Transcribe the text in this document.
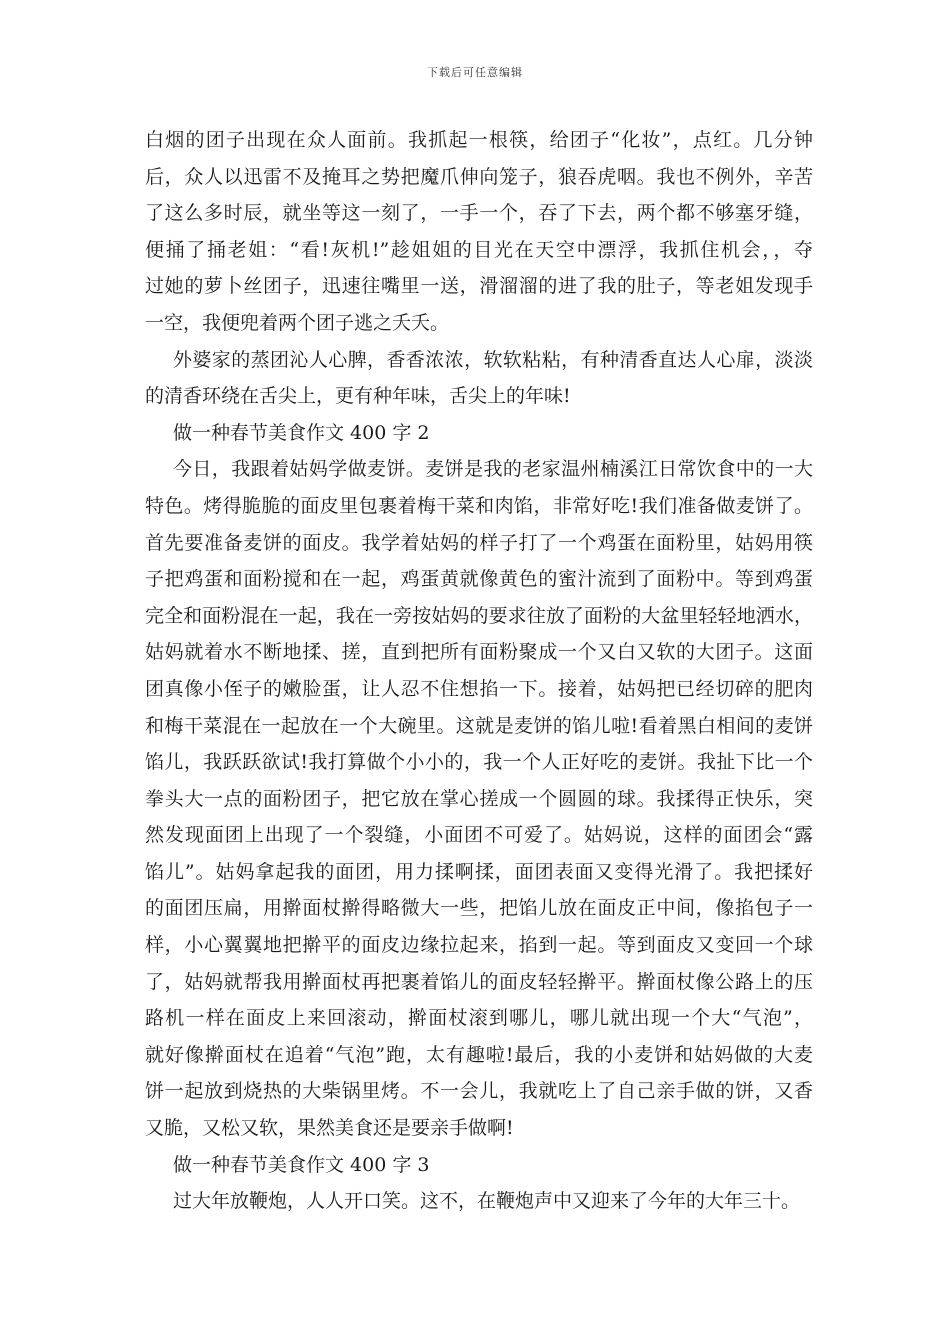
下载后可任意编辑
白烟的团子出现在众人面前。我抓起一根筷，给团子“化妆”，点红。几分钟
后，众人以迅雷不及掩耳之势把魔爪伸向笼子，狼吞虎咽。我也不例外，辛苦
了这么多时辰，就坐等这一刻了，一手一个，吞了下去，两个都不够塞牙缝，
便捅了捅老姐：“看!灰机!”趁姐姐的目光在天空中漂浮，我抓住机会，，夺
过她的萝卜丝团子，迅速往嘴里一送，滑溜溜的进了我的肚子，等老姐发现手
一空，我便兜着两个团子逃之夭夭。
外婆家的蒸团沁人心脾，香香浓浓，软软粘粘，有种清香直达人心扉，淡淡
的清香环绕在舌尖上，更有种年味，舌尖上的年味!
做一种春节美食作文 400 字 2
今日，我跟着姑妈学做麦饼。麦饼是我的老家温州楠溪江日常饮食中的一大
特色。烤得脆脆的面皮里包裹着梅干菜和肉馅，非常好吃!我们准备做麦饼了。
首先要准备麦饼的面皮。我学着姑妈的样子打了一个鸡蛋在面粉里，姑妈用筷
子把鸡蛋和面粉搅和在一起，鸡蛋黄就像黄色的蜜汁流到了面粉中。等到鸡蛋
完全和面粉混在一起，我在一旁按姑妈的要求往放了面粉的大盆里轻轻地洒水，
姑妈就着水不断地揉、搓，直到把所有面粉聚成一个又白又软的大团子。这面
团真像小侄子的嫩脸蛋，让人忍不住想掐一下。接着，姑妈把已经切碎的肥肉
和梅干菜混在一起放在一个大碗里。这就是麦饼的馅儿啦!看着黑白相间的麦饼
馅儿，我跃跃欲试!我打算做个小小的，我一个人正好吃的麦饼。我扯下比一个
拳头大一点的面粉团子，把它放在掌心搓成一个圆圆的球。我揉得正快乐，突
然发现面团上出现了一个裂缝，小面团不可爱了。姑妈说，这样的面团会“露
馅儿”。姑妈拿起我的面团，用力揉啊揉，面团表面又变得光滑了。我把揉好
的面团压扁，用擀面杖擀得略微大一些，把馅儿放在面皮正中间，像掐包子一
样，小心翼翼地把擀平的面皮边缘拉起来，掐到一起。等到面皮又变回一个球
了，姑妈就帮我用擀面杖再把裹着馅儿的面皮轻轻擀平。擀面杖像公路上的压
路机一样在面皮上来回滚动，擀面杖滚到哪儿，哪儿就出现一个大“气泡”，
就好像擀面杖在追着“气泡”跑，太有趣啦!最后，我的小麦饼和姑妈做的大麦
饼一起放到烧热的大柴锅里烤。不一会儿，我就吃上了自己亲手做的饼，又香
又脆，又松又软，果然美食还是要亲手做啊!
做一种春节美食作文 400 字 3
过大年放鞭炮，人人开口笑。这不，在鞭炮声中又迎来了今年的大年三十。
